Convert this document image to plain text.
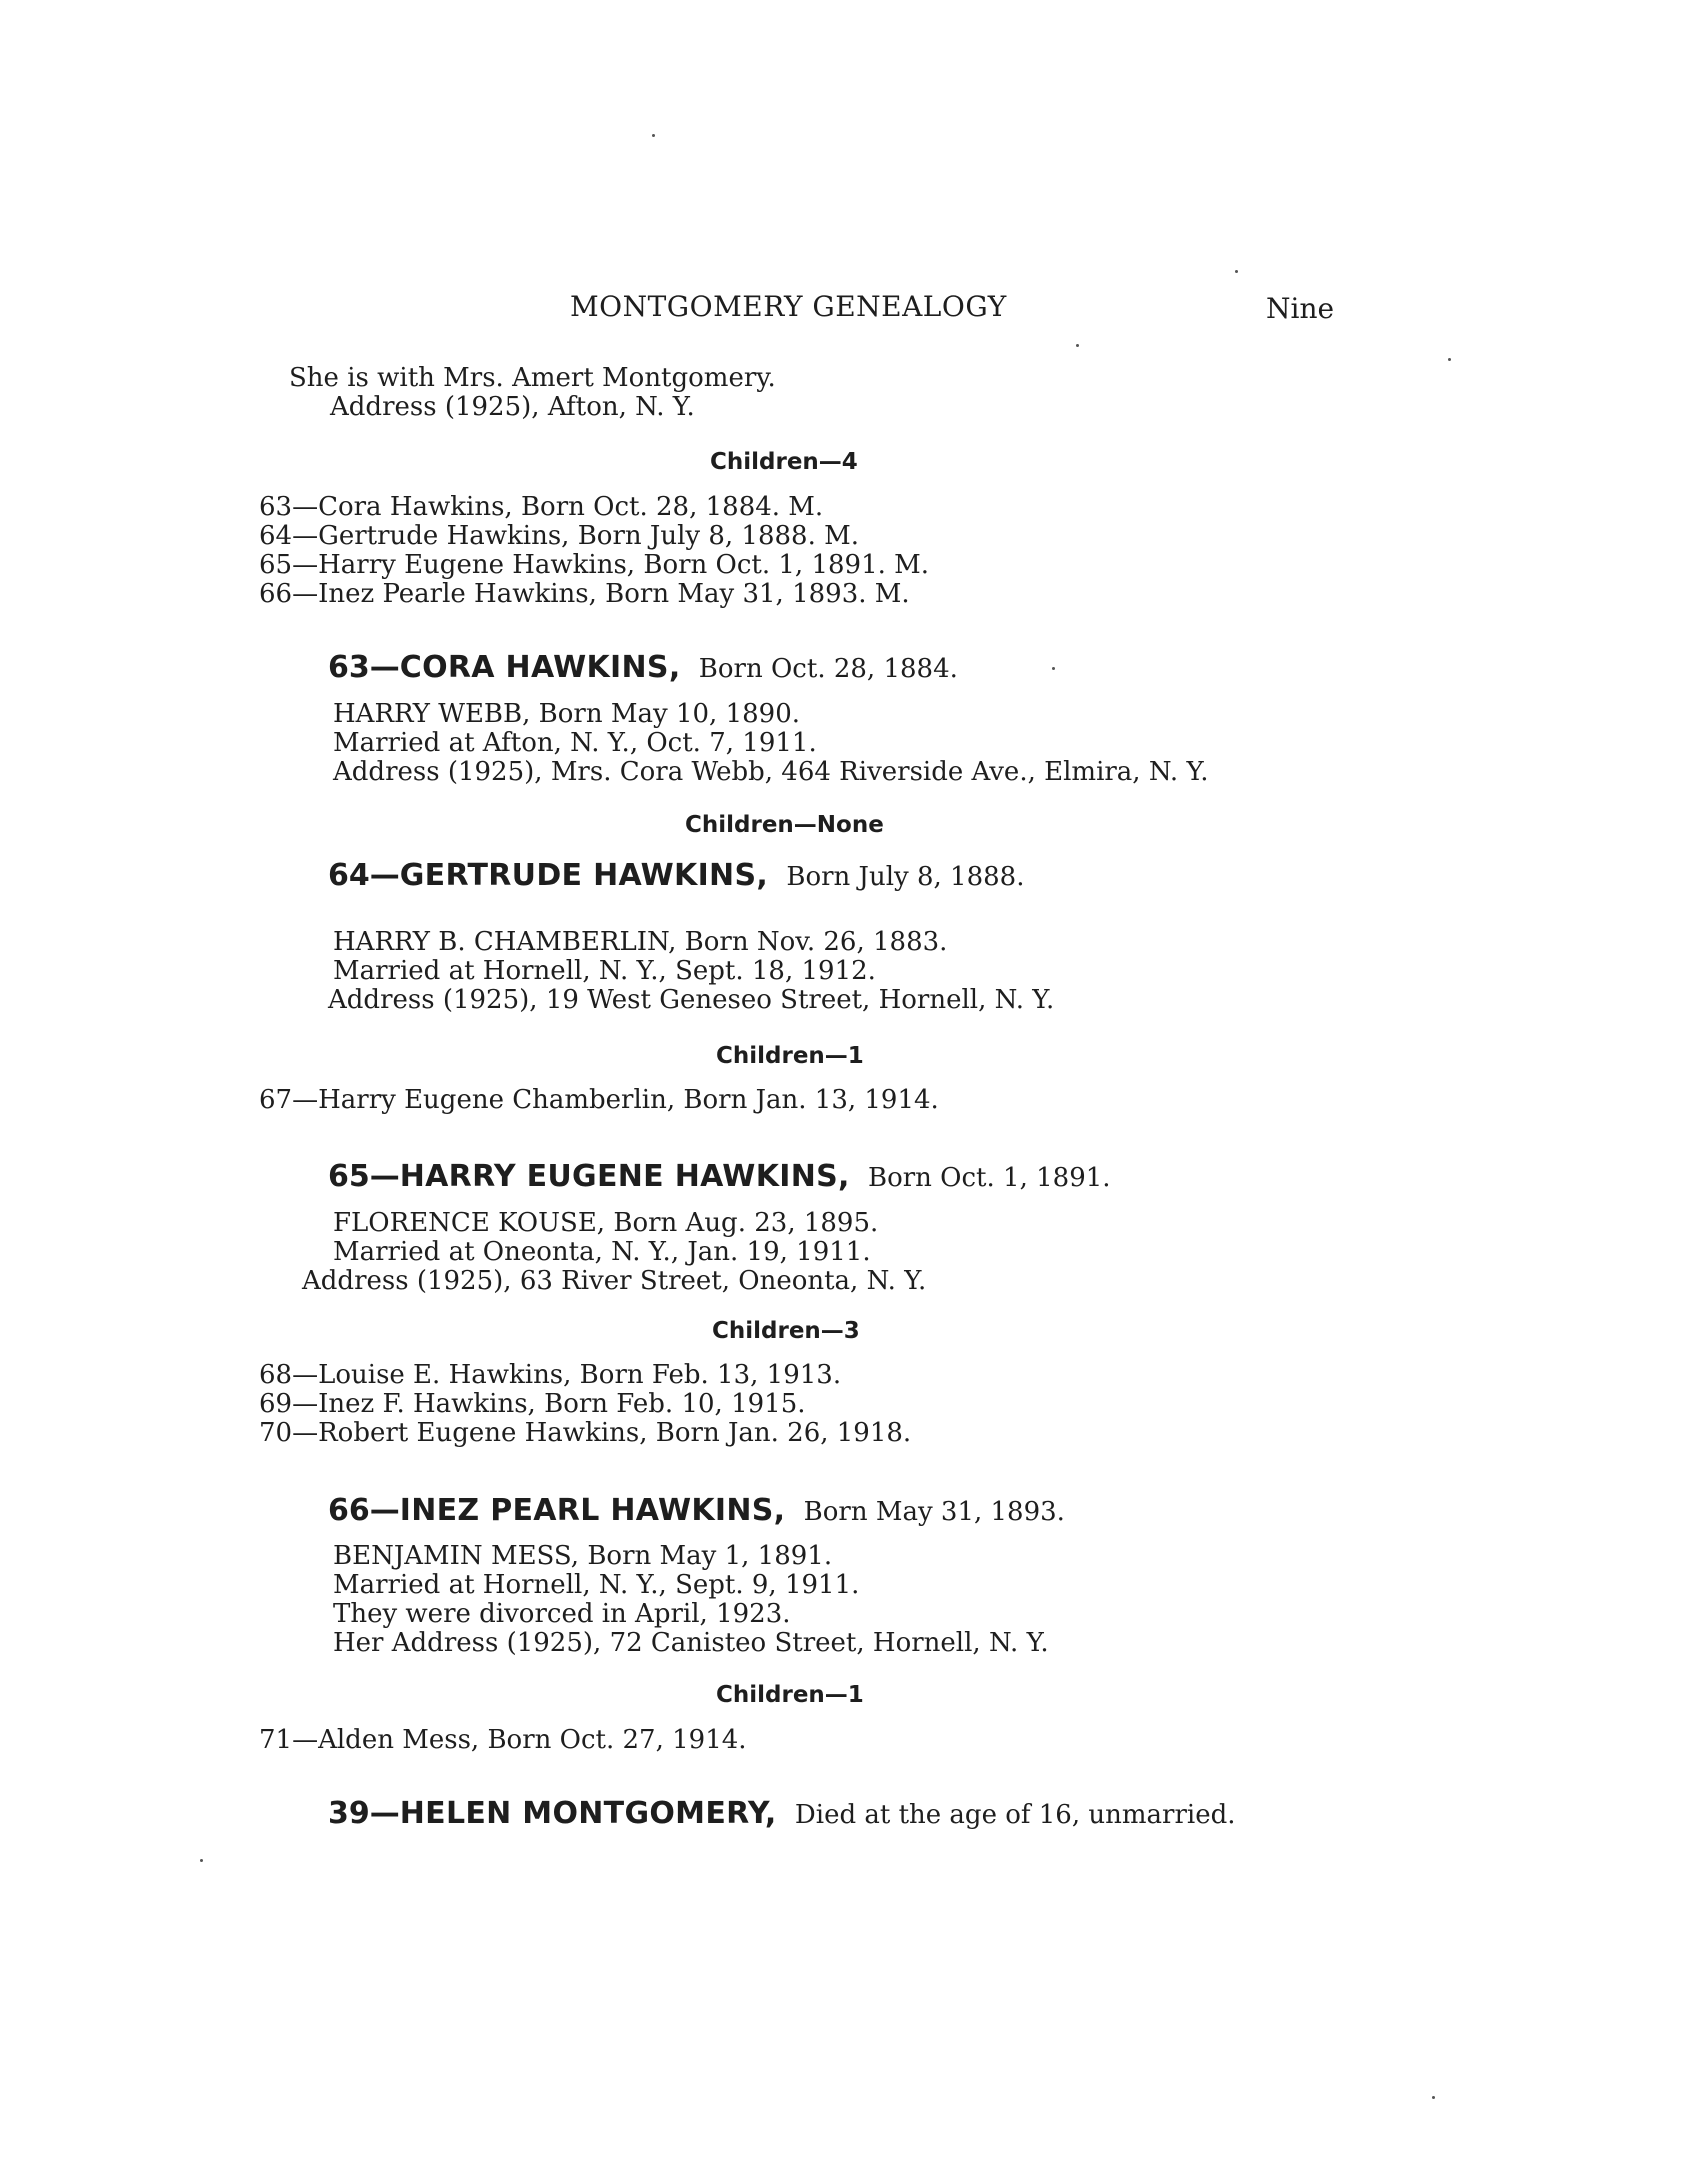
MONTGOMERY GENEALOGY	Nine
She is with Mrs. Amert Montgomery.
Address (1925), Afton, N. Y.
Children—4
63—Cora Hawkins, Born Oct. 28, 1884. M.
64—Gertrude Hawkins, Born July 8, 1888. M.
65—Harry Eugene Hawkins, Born Oct. 1, 1891. M.
66—Inez Pearle Hawkins, Born May 31, 1893. M.
63—CORA HAWKINS, Born Oct. 28, 1884.
HARRY WEBB, Born May 10, 1890.
Married at Afton, N. Y., Oct. 7, 1911.
Address (1925), Mrs. Cora Webb, 464 Riverside Ave., Elmira, N. Y.
Children—None
64—GERTRUDE HAWKINS, Born July 8, 1888.
HARRY B. CHAMBERLIN, Born Nov. 26, 1883.
Married at Hornell, N. Y., Sept. 18, 1912.
Address (1925), 19 West Geneseo Street, Hornell, N. Y.
Children—1
67—Harry Eugene Chamberlin, Born Jan. 13, 1914.
65—HARRY EUGENE HAWKINS, Born Oct. 1, 1891.
FLORENCE KOUSE, Born Aug. 23, 1895.
Married at Oneonta, N. Y., Jan. 19, 1911.
Address (1925), 63 River Street, Oneonta, N. Y.
Children—3
68—Louise E. Hawkins, Born Feb. 13, 1913.
69—Inez F. Hawkins, Born Feb. 10, 1915.
70—Robert Eugene Hawkins, Born Jan. 26, 1918.
66—INEZ PEARL HAWKINS, Born May 31, 1893.
BENJAMIN MESS, Born May 1, 1891.
Married at Hornell, N. Y., Sept. 9, 1911.
They were divorced in April, 1923.
Her Address (1925), 72 Canisteo Street, Hornell, N. Y.
Children—1
71—Alden Mess, Born Oct. 27, 1914.
39—HELEN MONTGOMERY, Died at the age of 16, unmarried.
